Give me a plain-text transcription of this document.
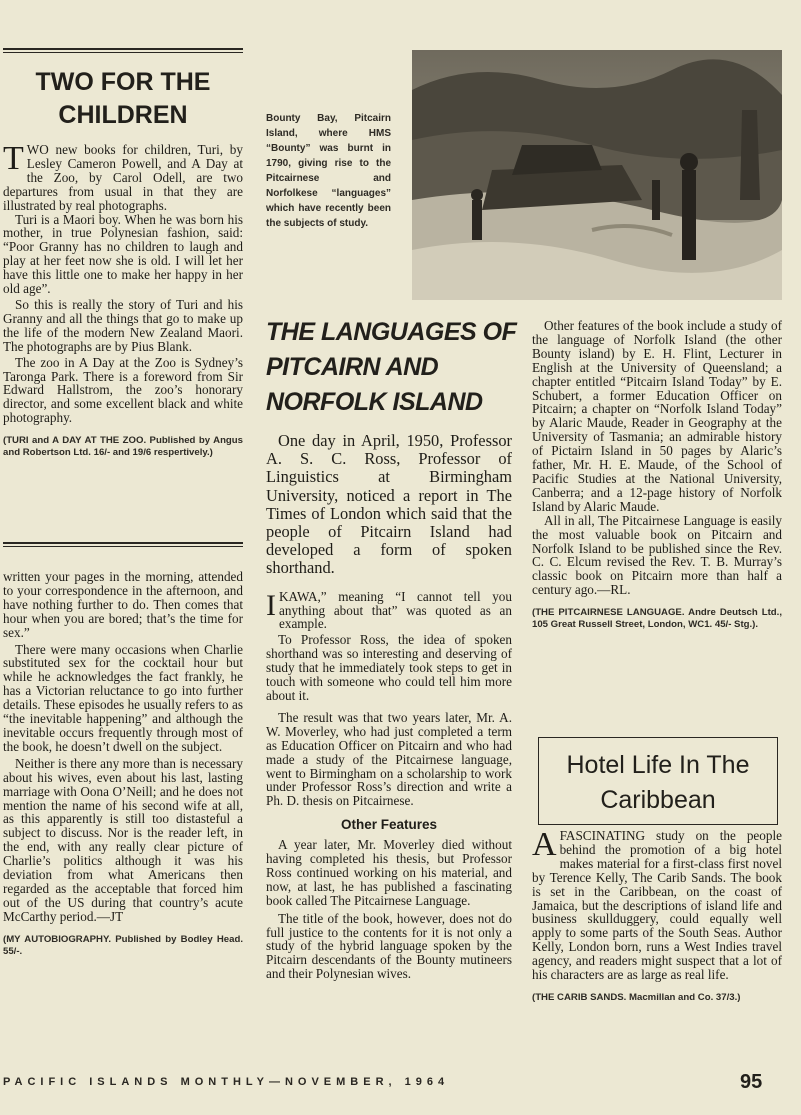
TWO FOR THE
CHILDREN

TWO new books for children, Turi, by Lesley Cameron Powell, and A Day at the Zoo, by Carol Odell, are two departures from usual in that they are illustrated by real photographs.

Turi is a Maori boy. When he was born his mother, in true Polynesian fashion, said: “Poor Granny has no children to laugh and play at her feet now she is old. I will let her have this little one to make her happy in her old age”.

So this is really the story of Turi and his Granny and all the things that go to make up the life of the modern New Zealand Maori. The photographs are by Pius Blank.

The zoo in A Day at the Zoo is Sydney’s Taronga Park. There is a foreword from Sir Edward Hallstrom, the zoo’s honorary director, and some excellent black and white photography.

(TURI and A DAY AT THE ZOO. Published by Angus and Robertson Ltd. 16/- and 19/6 respertively.)

written your pages in the morning, attended to your correspondence in the afternoon, and have nothing further to do. Then comes that hour when you are bored; that’s the time for sex.”

There were many occasions when Charlie substituted sex for the cocktail hour but while he acknowledges the fact frankly, he has a Victorian reluctance to go into further details. These episodes he usually refers to as “the inevitable happening” and although the inevitable occurs frequently through most of the book, he doesn’t dwell on the subject.

Neither is there any more than is necessary about his wives, even about his last, lasting marriage with Oona O’Neill; and he does not mention the name of his second wife at all, as this apparently is still too distasteful a subject to discuss. Nor is the reader left, in the end, with any really clear picture of Charlie’s politics although it was his deviation from what Americans then regarded as the acceptable that forced him out of the US during that country’s acute McCarthy period.—JT

(MY AUTOBIOGRAPHY. Published by Bodley Head. 55/-.

Bounty Bay, Pitcairn Island, where HMS “Bounty” was burnt in 1790, giving rise to the Pitcairnese and Norfolkese “languages” which have recently been the subjects of study.
THE LANGUAGES OF PITCAIRN AND NORFOLK ISLAND

One day in April, 1950, Professor A. S. C. Ross, Professor of Linguistics at Birmingham University, noticed a report in The Times of London which said that the people of Pitcairn Island had developed a form of spoken shorthand.

IKAWA,” meaning “I cannot tell you anything about that” was quoted as an example.

To Professor Ross, the idea of spoken shorthand was so interesting and deserving of study that he immediately took steps to get in touch with someone who could tell him more about it.

The result was that two years later, Mr. A. W. Moverley, who had just completed a term as Education Officer on Pitcairn and who had made a study of the Pitcairnese language, went to Birmingham on a scholarship to work under Professor Ross’s direction and write a Ph. D. thesis on Pitcairnese.

Other Features

A year later, Mr. Moverley died without having completed his thesis, but Professor Ross continued working on his material, and now, at last, he has published a fascinating book called The Pitcairnese Language.

The title of the book, however, does not do full justice to the contents for it is not only a study of the hybrid language spoken by the Pitcairn descendants of the Bounty mutineers and their Polynesian wives.

Other features of the book include a study of the language of Norfolk Island (the other Bounty island) by E. H. Flint, Lecturer in English at the University of Queensland; a chapter entitled “Pitcairn Island Today” by E. Schubert, a former Education Officer on Pitcairn; a chapter on “Norfolk Island Today” by Alaric Maude, Reader in Geography at the University of Tasmania; an admirable history of Pictairn Island in 50 pages by Alaric’s father, Mr. H. E. Maude, of the School of Pacific Studies at the National University, Canberra; and a 12-page history of Norfolk Island by Alaric Maude.

All in all, The Pitcairnese Language is easily the most valuable book on Pitcairn and Norfolk Island to be published since the Rev. C. C. Elcum revised the Rev. T. B. Murray’s classic book on Pitcairn more than half a century ago.—RL.

(THE PITCAIRNESE LANGUAGE. Andre Deutsch Ltd., 105 Great Russell Street, London, WC1. 45/- Stg.).

Hotel Life In The
Caribbean

AFASCINATING study on the people behind the promotion of a big hotel makes material for a first-class first novel by Terence Kelly, The Carib Sands. The book is set in the Caribbean, on the coast of Jamaica, but the descriptions of island life and business skullduggery, could equally well apply to some parts of the South Seas. Author Kelly, London born, runs a West Indies travel agency, and readers might suspect that a lot of his characters are as large as real life.

(THE CARIB SANDS. Macmillan and Co. 37/3.)

PACIFIC ISLANDS MONTHLY—NOVEMBER, 1964	95
